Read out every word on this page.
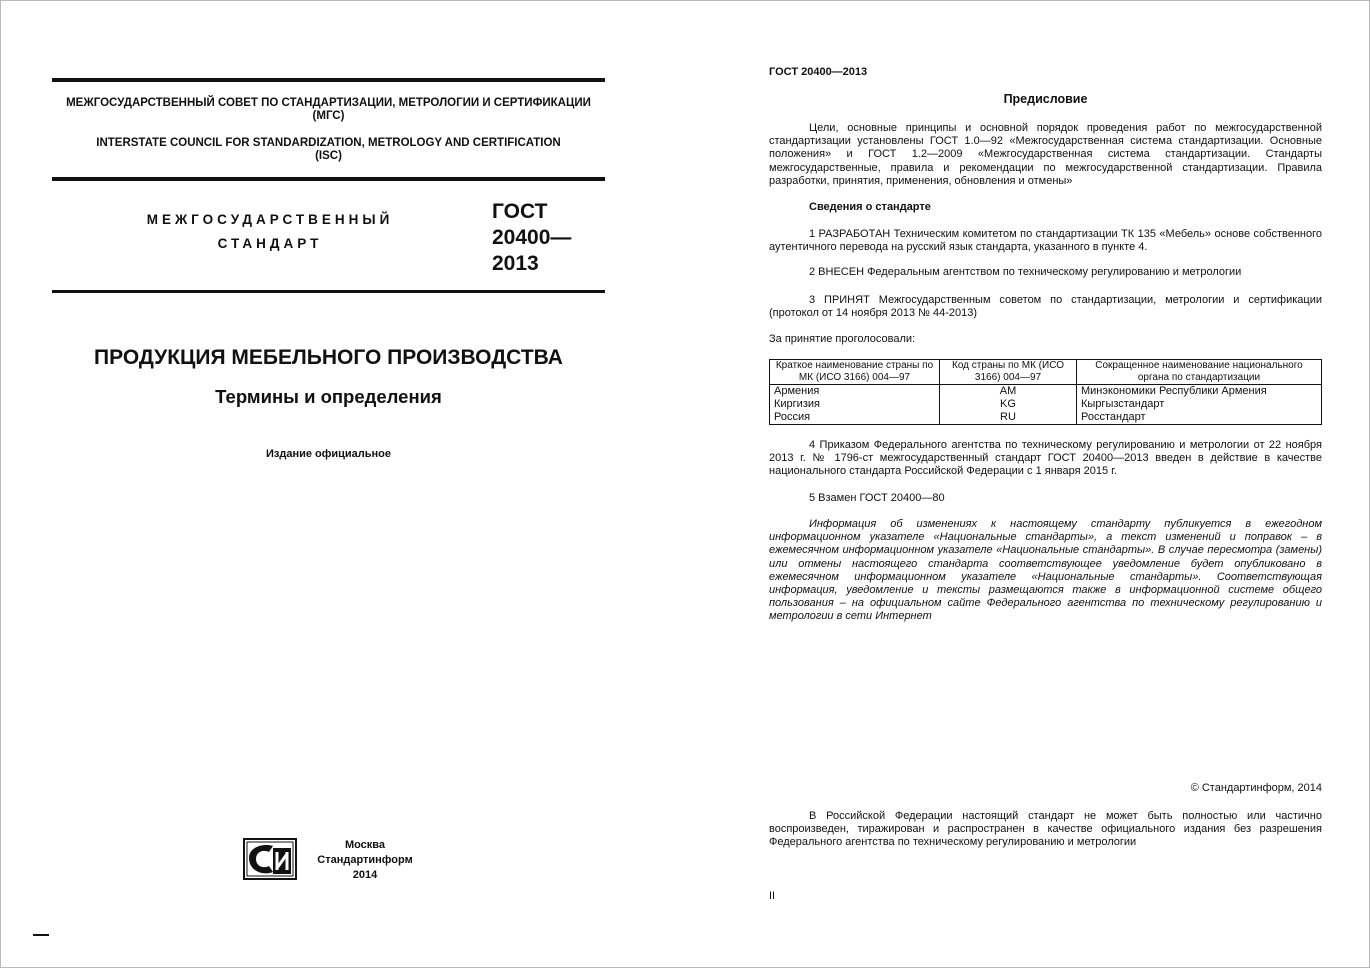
МЕЖГОСУДАРСТВЕННЫЙ СОВЕТ ПО СТАНДАРТИЗАЦИИ, МЕТРОЛОГИИ И СЕРТИФИКАЦИИ
(МГС)
INTERSTATE COUNCIL FOR STANDARDIZATION, METROLOGY AND CERTIFICATION
(ISC)
МЕЖГОСУДАРСТВЕННЫЙ
СТАНДАРТ
ГОСТ
20400—
2013
ПРОДУКЦИЯ МЕБЕЛЬНОГО ПРОИЗВОДСТВА
Термины и определения
Издание официальное
Москва
Стандартинформ
2014
ГОСТ 20400—2013
Предисловие
Цели, основные принципы и основной порядок проведения работ по межгосударственной стандартизации установлены ГОСТ 1.0—92 «Межгосударственная система стандартизации. Основные положения» и ГОСТ 1.2—2009 «Межгосударственная система стандартизации. Стандарты межгосударственные, правила и рекомендации по межгосударственной стандартизации. Правила разработки, принятия, применения, обновления и отмены»
Сведения о стандарте
1 РАЗРАБОТАН Техническим комитетом по стандартизации ТК 135 «Мебель» основе собственного аутентичного перевода на русский язык стандарта, указанного в пункте 4.
2 ВНЕСЕН Федеральным агентством по техническому регулированию и метрологии
3 ПРИНЯТ Межгосударственным советом по стандартизации, метрологии и сертификации (протокол от 14 ноября 2013 № 44-2013)
За принятие проголосовали:
Краткое наименование страны по МК (ИСО 3166) 004—97	Код страны по МК (ИСО 3166) 004—97	Сокращенное наименование национального органа по стандартизации
Армения	AM	Минэкономики Республики Армения
Киргизия	KG	Кыргызстандарт
Россия	RU	Росстандарт
4 Приказом Федерального агентства по техническому регулированию и метрологии от 22 ноября 2013 г. № 1796-ст межгосударственный стандарт ГОСТ 20400—2013 введен в действие в качестве национального стандарта Российской Федерации с 1 января 2015 г.
5 Взамен ГОСТ 20400—80
Информация об изменениях к настоящему стандарту публикуется в ежегодном информационном указателе «Национальные стандарты», а текст изменений и поправок – в ежемесячном информационном указателе «Национальные стандарты». В случае пересмотра (замены) или отмены настоящего стандарта соответствующее уведомление будет опубликовано в ежемесячном информационном указателе «Национальные стандарты». Соответствующая информация, уведомление и тексты размещаются также в информационной системе общего пользования – на официальном сайте Федерального агентства по техническому регулированию и метрологии в сети Интернет
© Стандартинформ, 2014
В Российской Федерации настоящий стандарт не может быть полностью или частично воспроизведен, тиражирован и распространен в качестве официального издания без разрешения Федерального агентства по техническому регулированию и метрологии
II
